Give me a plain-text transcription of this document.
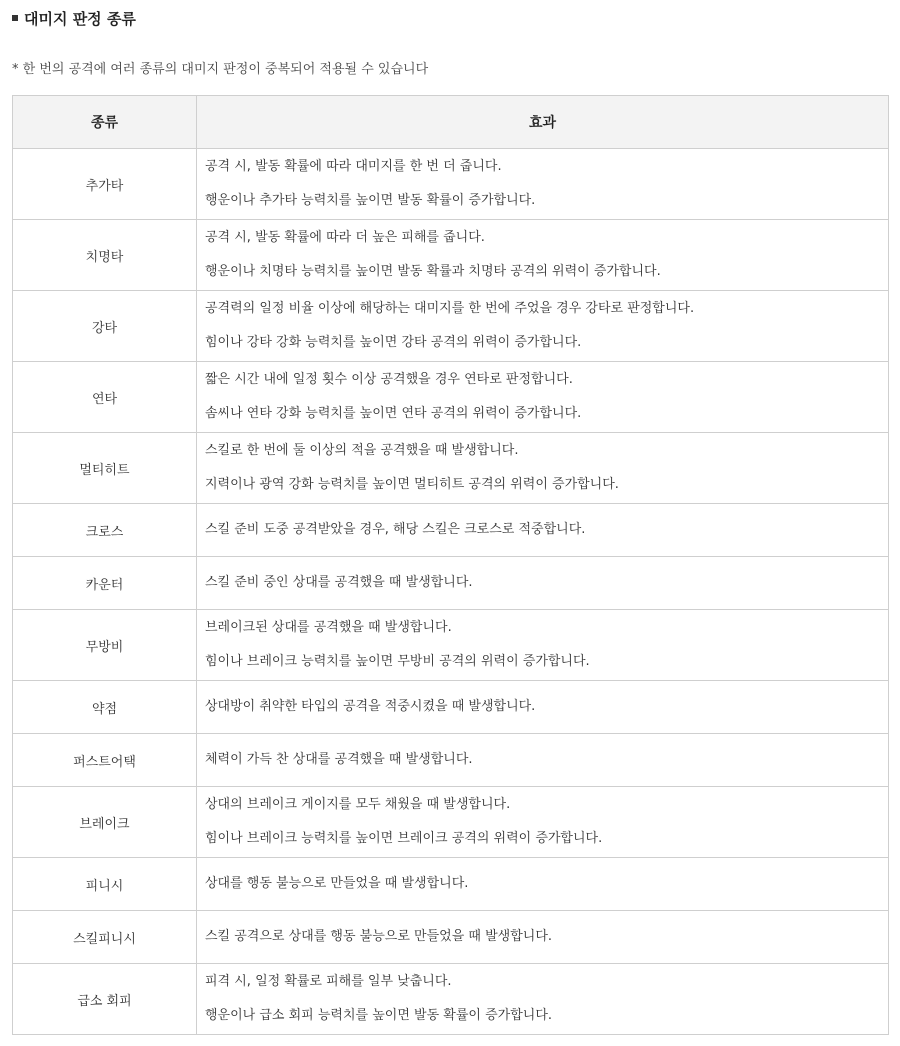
대미지 판정 종류
* 한 번의 공격에 여러 종류의 대미지 판정이 중복되어 적용될 수 있습니다
종류	효과
추가타	공격 시, 발동 확률에 따라 대미지를 한 번 더 줍니다.
행운이나 추가타 능력치를 높이면 발동 확률이 증가합니다.

치명타	공격 시, 발동 확률에 따라 더 높은 피해를 줍니다.
행운이나 치명타 능력치를 높이면 발동 확률과 치명타 공격의 위력이 증가합니다.

강타	공격력의 일정 비율 이상에 해당하는 대미지를 한 번에 주었을 경우 강타로 판정합니다.
힘이나 강타 강화 능력치를 높이면 강타 공격의 위력이 증가합니다.

연타	짧은 시간 내에 일정 횟수 이상 공격했을 경우 연타로 판정합니다.
솜씨나 연타 강화 능력치를 높이면 연타 공격의 위력이 증가합니다.

멀티히트	스킬로 한 번에 둘 이상의 적을 공격했을 때 발생합니다.
지력이나 광역 강화 능력치를 높이면 멀티히트 공격의 위력이 증가합니다.

크로스	스킬 준비 도중 공격받았을 경우, 해당 스킬은 크로스로 적중합니다.

카운터	스킬 준비 중인 상대를 공격했을 때 발생합니다.

무방비	브레이크된 상대를 공격했을 때 발생합니다.
힘이나 브레이크 능력치를 높이면 무방비 공격의 위력이 증가합니다.

약점	상대방이 취약한 타입의 공격을 적중시켰을 때 발생합니다.

퍼스트어택	체력이 가득 찬 상대를 공격했을 때 발생합니다.

브레이크	상대의 브레이크 게이지를 모두 채웠을 때 발생합니다.
힘이나 브레이크 능력치를 높이면 브레이크 공격의 위력이 증가합니다.

피니시	상대를 행동 불능으로 만들었을 때 발생합니다.

스킬피니시	스킬 공격으로 상대를 행동 불능으로 만들었을 때 발생합니다.

급소 회피	피격 시, 일정 확률로 피해를 일부 낮춥니다.
행운이나 급소 회피 능력치를 높이면 발동 확률이 증가합니다.
